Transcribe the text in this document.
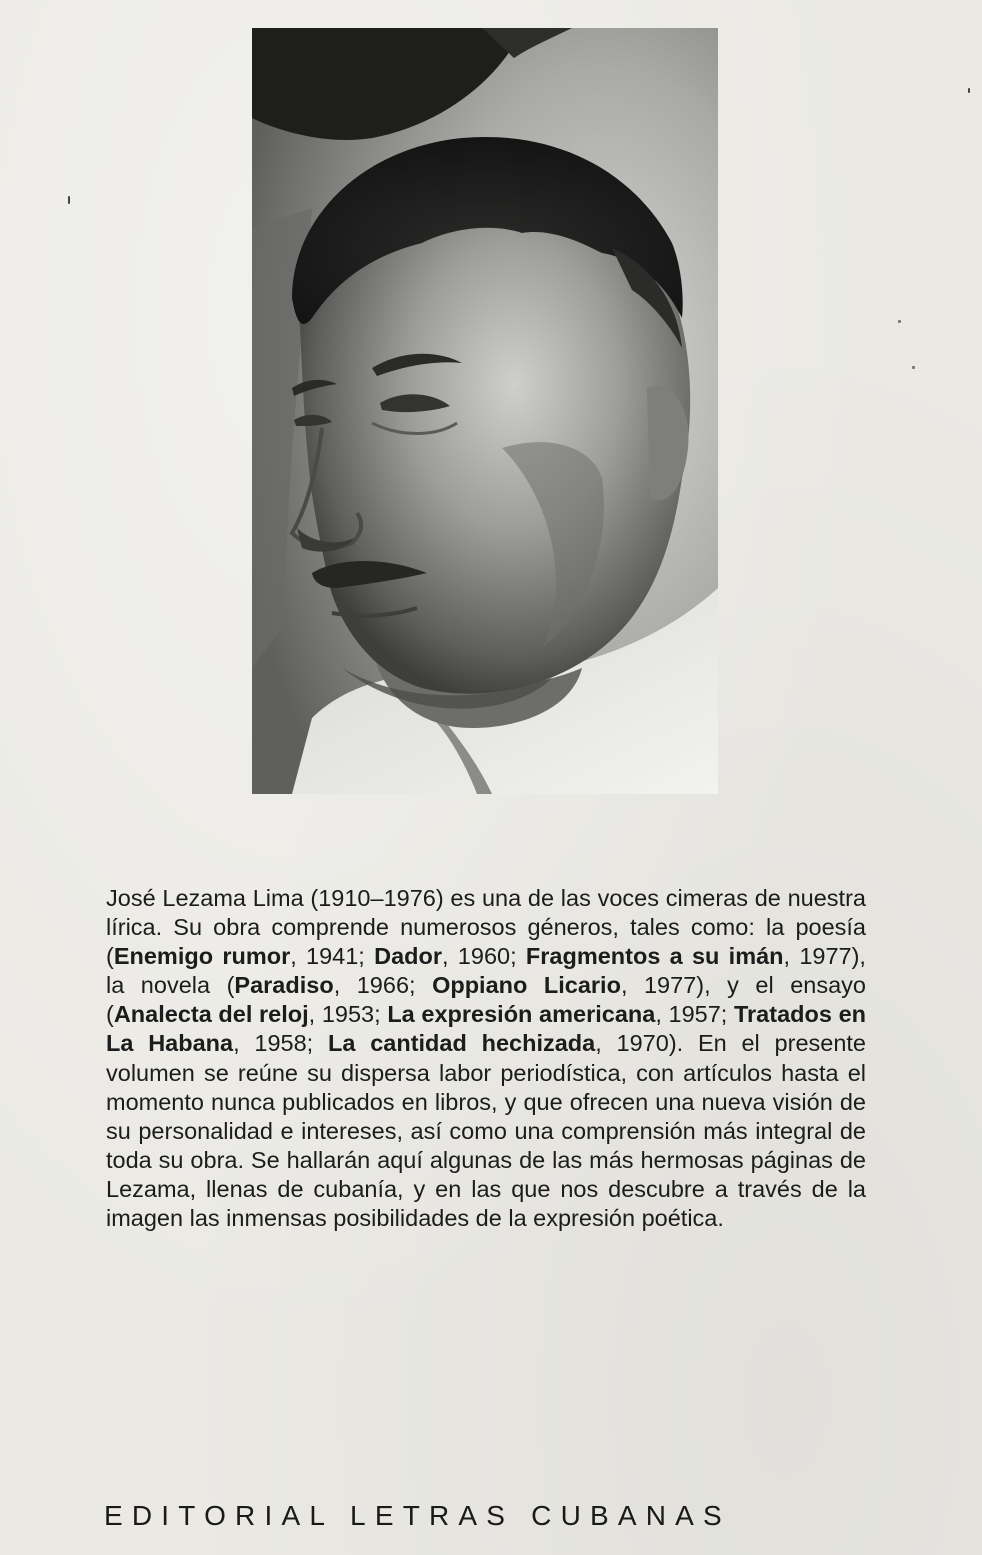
José Lezama Lima (1910–1976) es una de las voces cimeras de nuestra lírica. Su obra comprende numerosos géneros, tales como: la poesía (Enemigo rumor, 1941; Dador, 1960; Fragmentos a su imán, 1977), la novela (Paradiso, 1966; Oppiano Licario, 1977), y el ensayo (Analecta del reloj, 1953; La expresión americana, 1957; Tratados en La Habana, 1958; La cantidad hechizada, 1970). En el presente volumen se reúne su dispersa labor periodística, con artículos hasta el momento nunca publicados en libros, y que ofrecen una nueva visión de su personalidad e intereses, así como una comprensión más integral de toda su obra. Se hallarán aquí algunas de las más hermosas páginas de Lezama, llenas de cubanía, y en las que nos descubre a través de la imagen las inmensas posibilidades de la expresión poética.

EDITORIAL LETRAS CUBANAS
